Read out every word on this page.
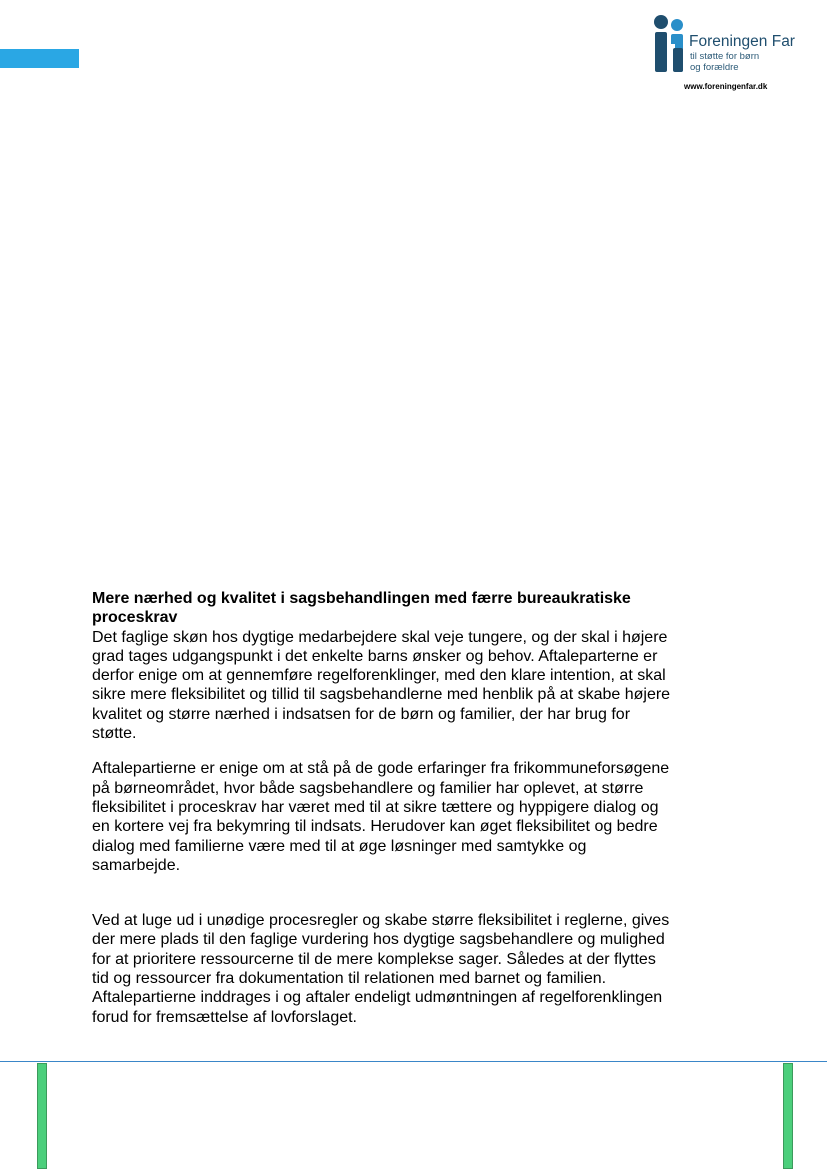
Foreningen Far
til støtte for børn
og forældre
www.foreningenfar.dk

Mere nærhed og kvalitet i sagsbehandlingen med færre bureaukratiske proceskrav

Det faglige skøn hos dygtige medarbejdere skal veje tungere, og der skal i højere grad tages udgangspunkt i det enkelte barns ønsker og behov. Aftaleparterne er derfor enige om at gennemføre regelforenklinger, med den klare intention, at skal sikre mere fleksibilitet og tillid til sagsbehandlerne med henblik på at skabe højere kvalitet og større nærhed i indsatsen for de børn og familier, der har brug for støtte.

Aftalepartierne er enige om at stå på de gode erfaringer fra frikommuneforsøgene på børneområdet, hvor både sagsbehandlere og familier har oplevet, at større fleksibilitet i proceskrav har været med til at sikre tættere og hyppigere dialog og en kortere vej fra bekymring til indsats. Herudover kan øget fleksibilitet og bedre dialog med familierne være med til at øge løsninger med samtykke og samarbejde.

Ved at luge ud i unødige procesregler og skabe større fleksibilitet i reglerne, gives der mere plads til den faglige vurdering hos dygtige sagsbehandlere og mulighed for at prioritere ressourcerne til de mere komplekse sager. Således at der flyttes tid og ressourcer fra dokumentation til relationen med barnet og familien. Aftalepartierne inddrages i og aftaler endeligt udmøntningen af regelforenklingen forud for fremsættelse af lovforslaget.
